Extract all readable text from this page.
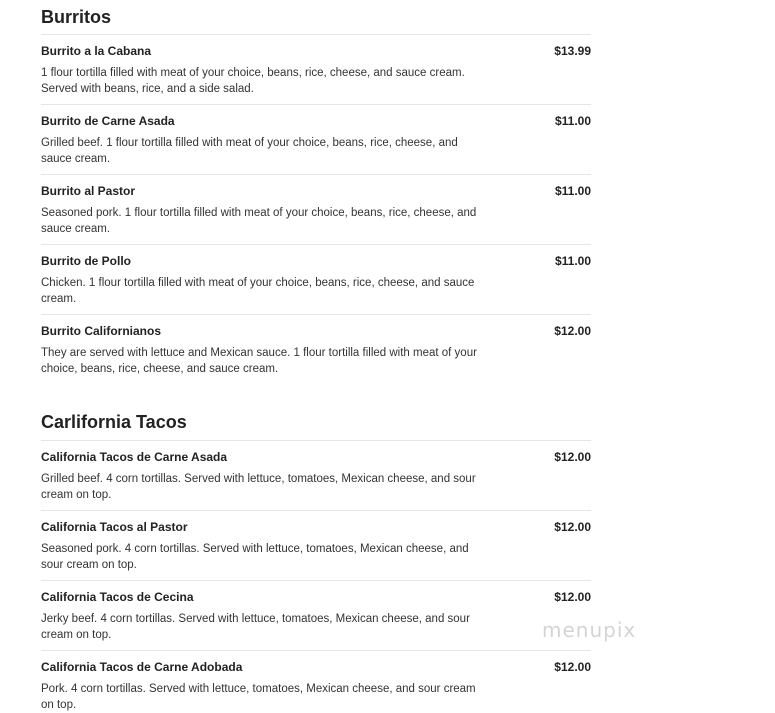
Burritos
Burrito a la Cabana	$13.99
1 flour tortilla filled with meat of your choice, beans, rice, cheese, and sauce cream. Served with beans, rice, and a side salad.
Burrito de Carne Asada	$11.00
Grilled beef. 1 flour tortilla filled with meat of your choice, beans, rice, cheese, and sauce cream.
Burrito al Pastor	$11.00
Seasoned pork. 1 flour tortilla filled with meat of your choice, beans, rice, cheese, and sauce cream.
Burrito de Pollo	$11.00
Chicken. 1 flour tortilla filled with meat of your choice, beans, rice, cheese, and sauce cream.
Burrito Californianos	$12.00
They are served with lettuce and Mexican sauce. 1 flour tortilla filled with meat of your choice, beans, rice, cheese, and sauce cream.
Carlifornia Tacos
California Tacos de Carne Asada	$12.00
Grilled beef. 4 corn tortillas. Served with lettuce, tomatoes, Mexican cheese, and sour cream on top.
California Tacos al Pastor	$12.00
Seasoned pork. 4 corn tortillas. Served with lettuce, tomatoes, Mexican cheese, and sour cream on top.
California Tacos de Cecina	$12.00
Jerky beef. 4 corn tortillas. Served with lettuce, tomatoes, Mexican cheese, and sour cream on top.
California Tacos de Carne Adobada	$12.00
Pork. 4 corn tortillas. Served with lettuce, tomatoes, Mexican cheese, and sour cream on top.
menupix
